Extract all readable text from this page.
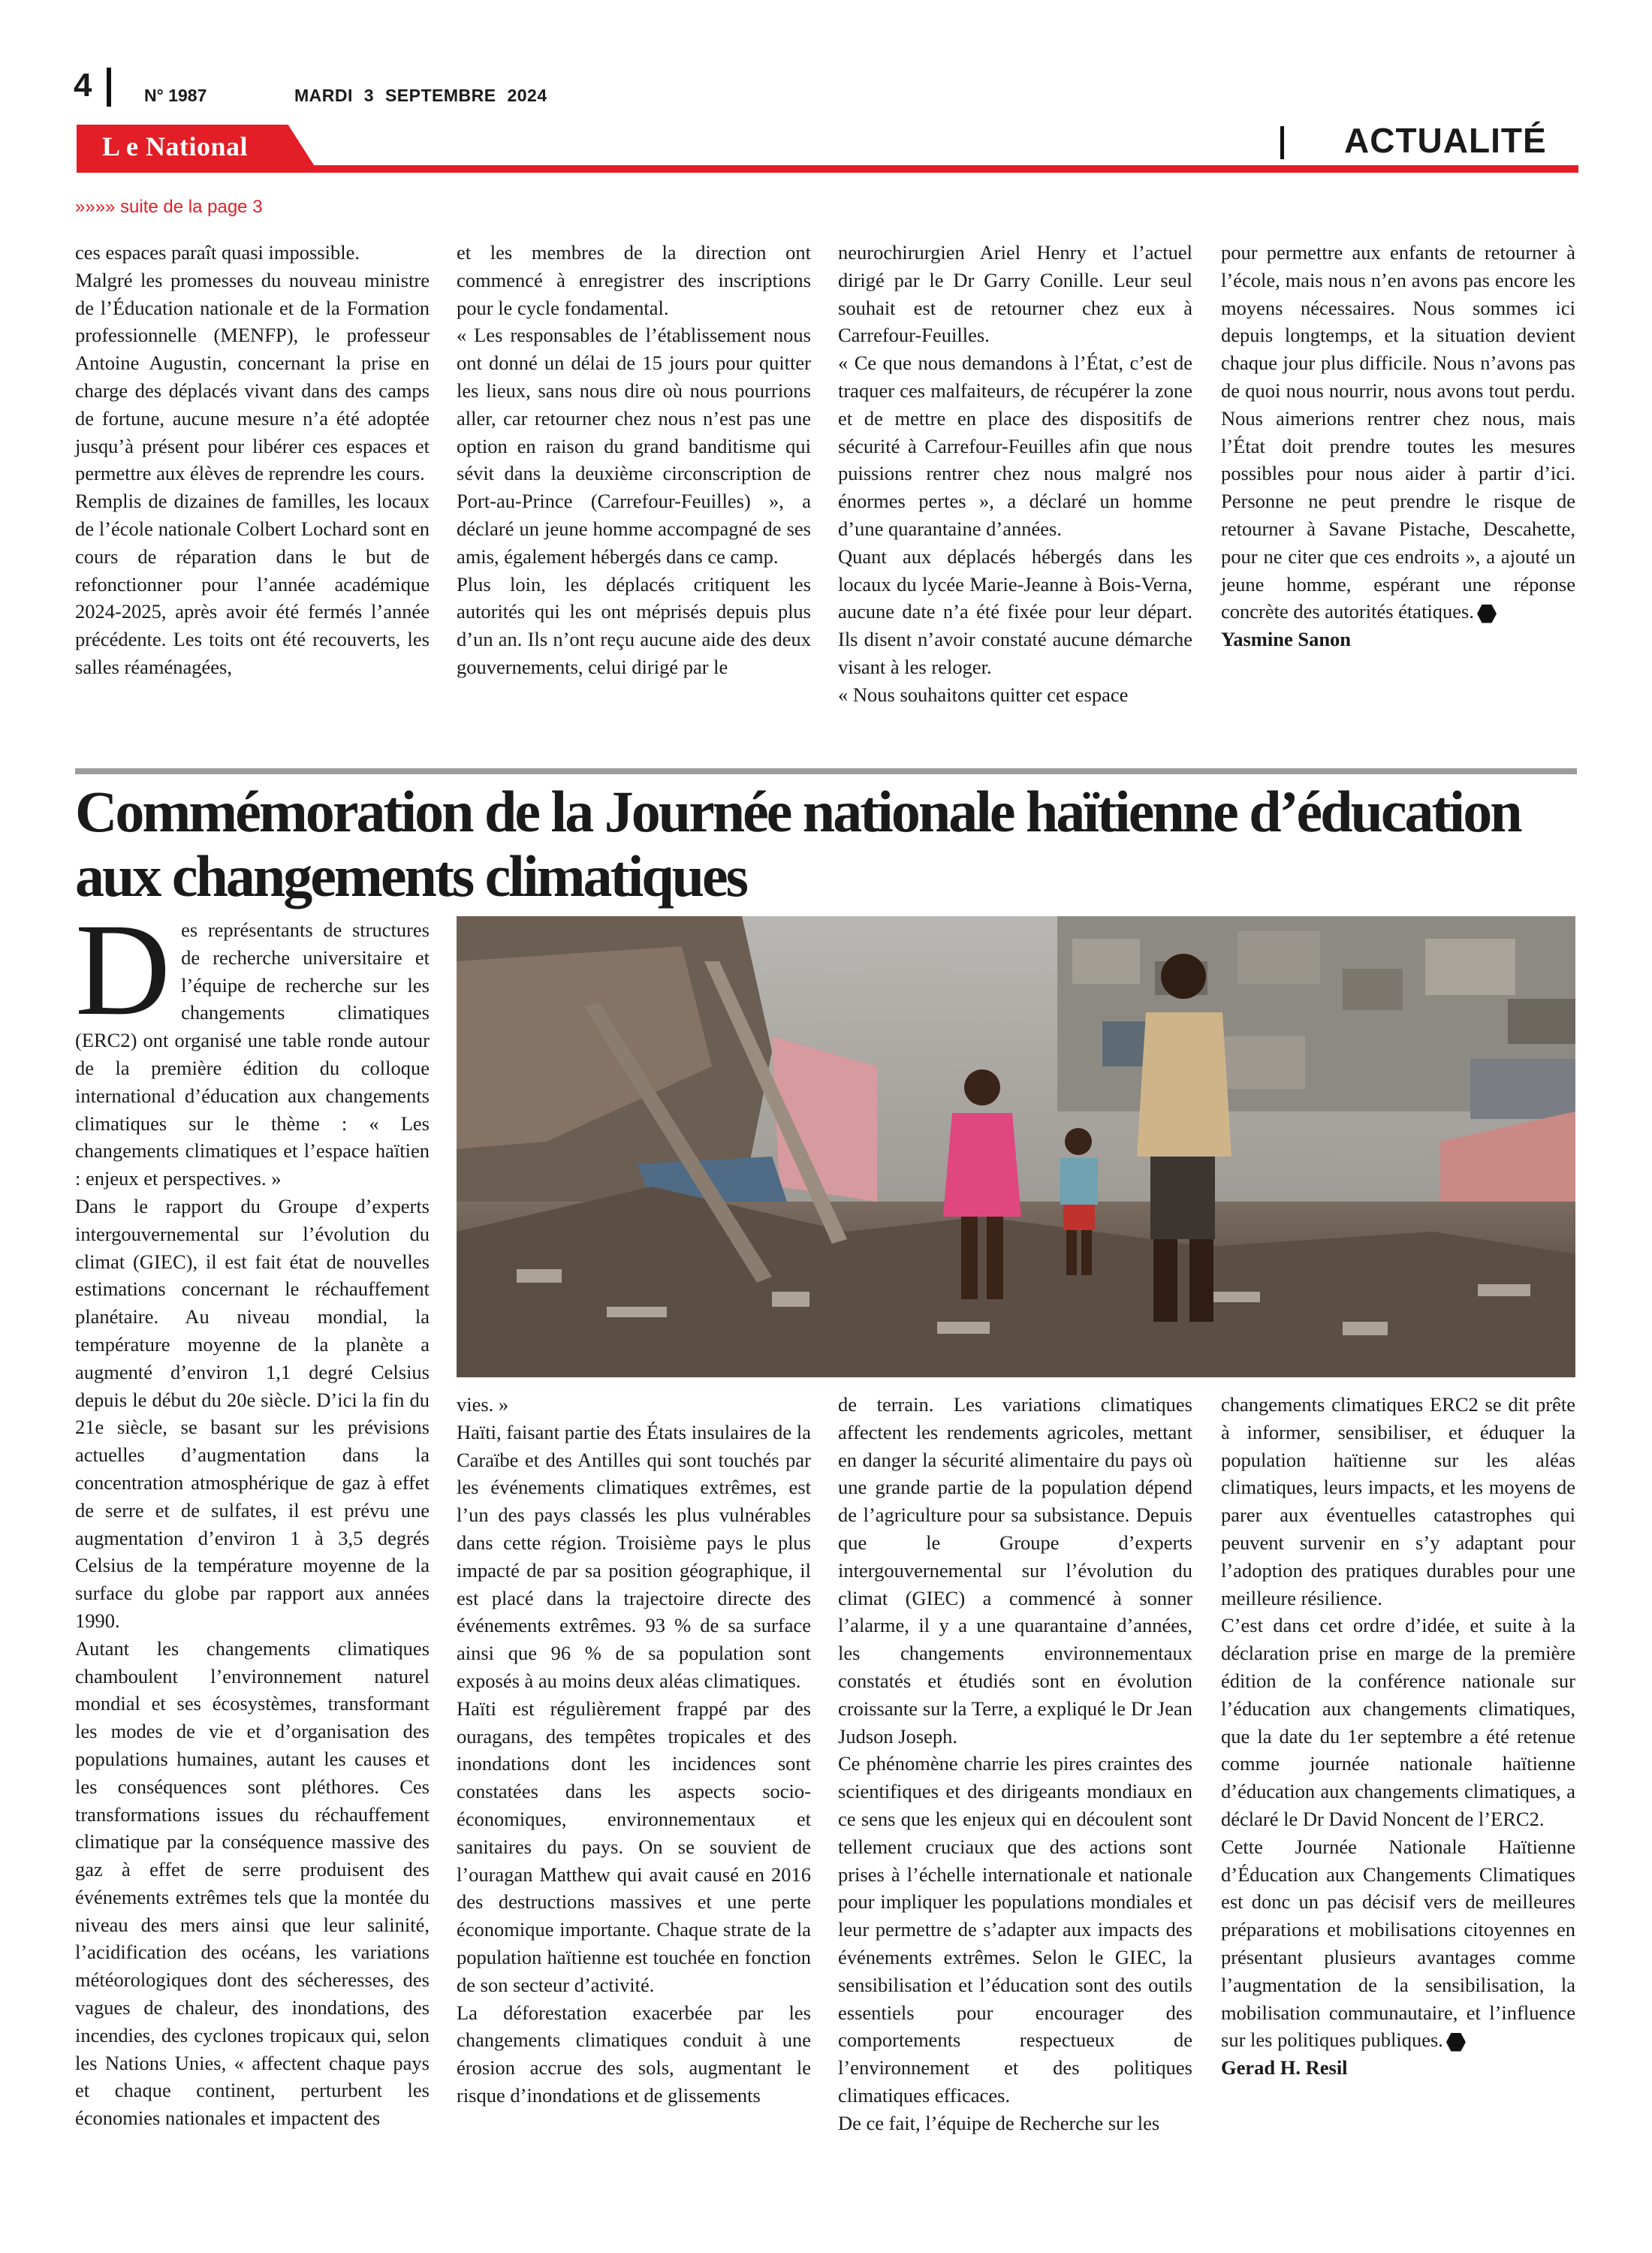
4	N° 1987	MARDI 3 SEPTEMBRE 2024
L e National	ACTUALITÉ
»»»» suite de la page 3

ces espaces paraît quasi impossible.

Malgré les promesses du nouveau ministre de l’Éducation nationale et de la Formation professionnelle (MENFP), le professeur Antoine Augustin, concernant la prise en charge des déplacés vivant dans des camps de fortune, aucune mesure n’a été adoptée jusqu’à présent pour libérer ces espaces et permettre aux élèves de reprendre les cours.

Remplis de dizaines de familles, les locaux de l’école nationale Colbert Lochard sont en cours de réparation dans le but de refonctionner pour l’année académique 2024-2025, après avoir été fermés l’année précédente. Les toits ont été recouverts, les salles réaménagées,

et les membres de la direction ont commencé à enregistrer des inscriptions pour le cycle fondamental.

« Les responsables de l’établissement nous ont donné un délai de 15 jours pour quitter les lieux, sans nous dire où nous pourrions aller, car retourner chez nous n’est pas une option en raison du grand banditisme qui sévit dans la deuxième circonscription de Port-au-Prince (Carrefour-Feuilles) », a déclaré un jeune homme accompagné de ses amis, également hébergés dans ce camp.

Plus loin, les déplacés critiquent les autorités qui les ont méprisés depuis plus d’un an. Ils n’ont reçu aucune aide des deux gouvernements, celui dirigé par le

neurochirurgien Ariel Henry et l’actuel dirigé par le Dr Garry Conille. Leur seul souhait est de retourner chez eux à Carrefour-Feuilles.

« Ce que nous demandons à l’État, c’est de traquer ces malfaiteurs, de récupérer la zone et de mettre en place des dispositifs de sécurité à Carrefour-Feuilles afin que nous puissions rentrer chez nous malgré nos énormes pertes », a déclaré un homme d’une quarantaine d’années.

Quant aux déplacés hébergés dans les locaux du lycée Marie-Jeanne à Bois-Verna, aucune date n’a été fixée pour leur départ. Ils disent n’avoir constaté aucune démarche visant à les reloger.

« Nous souhaitons quitter cet espace

pour permettre aux enfants de retourner à l’école, mais nous n’en avons pas encore les moyens nécessaires. Nous sommes ici depuis longtemps, et la situation devient chaque jour plus difficile. Nous n’avons pas de quoi nous nourrir, nous avons tout perdu. Nous aimerions rentrer chez nous, mais l’État doit prendre toutes les mesures possibles pour nous aider à partir d’ici. Personne ne peut prendre le risque de retourner à Savane Pistache, Descahette, pour ne citer que ces endroits », a ajouté un jeune homme, espérant une réponse concrète des autorités étatiques.

Yasmine Sanon

Commémoration de la Journée nationale haïtienne d’éducation aux changements climatiques

Des représentants de structures de recherche universitaire et l’équipe de recherche sur les changements climatiques (ERC2) ont organisé une table ronde autour de la première édition du colloque international d’éducation aux changements climatiques sur le thème : « Les changements climatiques et l’espace haïtien : enjeux et perspectives. »

Dans le rapport du Groupe d’experts intergouvernemental sur l’évolution du climat (GIEC), il est fait état de nouvelles estimations concernant le réchauffement planétaire. Au niveau mondial, la température moyenne de la planète a augmenté d’environ 1,1 degré Celsius depuis le début du 20e siècle. D’ici la fin du 21e siècle, se basant sur les prévisions actuelles d’augmentation dans la concentration atmosphérique de gaz à effet de serre et de sulfates, il est prévu une augmentation d’environ 1 à 3,5 degrés Celsius de la température moyenne de la surface du globe par rapport aux années 1990.

Autant les changements climatiques chamboulent l’environnement naturel mondial et ses écosystèmes, transformant les modes de vie et d’organisation des populations humaines, autant les causes et les conséquences sont pléthores. Ces transformations issues du réchauffement climatique par la conséquence massive des gaz à effet de serre produisent des événements extrêmes tels que la montée du niveau des mers ainsi que leur salinité, l’acidification des océans, les variations météorologiques dont des sécheresses, des vagues de chaleur, des inondations, des incendies, des cyclones tropicaux qui, selon les Nations Unies, « affectent chaque pays et chaque continent, perturbent les économies nationales et impactent des

vies. »

Haïti, faisant partie des États insulaires de la Caraïbe et des Antilles qui sont touchés par les événements climatiques extrêmes, est l’un des pays classés les plus vulnérables dans cette région. Troisième pays le plus impacté de par sa position géographique, il est placé dans la trajectoire directe des événements extrêmes. 93 % de sa surface ainsi que 96 % de sa population sont exposés à au moins deux aléas climatiques.

Haïti est régulièrement frappé par des ouragans, des tempêtes tropicales et des inondations dont les incidences sont constatées dans les aspects socio-économiques, environnementaux et sanitaires du pays. On se souvient de l’ouragan Matthew qui avait causé en 2016 des destructions massives et une perte économique importante. Chaque strate de la population haïtienne est touchée en fonction de son secteur d’activité.

La déforestation exacerbée par les changements climatiques conduit à une érosion accrue des sols, augmentant le risque d’inondations et de glissements

de terrain. Les variations climatiques affectent les rendements agricoles, mettant en danger la sécurité alimentaire du pays où une grande partie de la population dépend de l’agriculture pour sa subsistance. Depuis que le Groupe d’experts intergouvernemental sur l’évolution du climat (GIEC) a commencé à sonner l’alarme, il y a une quarantaine d’années, les changements environnementaux constatés et étudiés sont en évolution croissante sur la Terre, a expliqué le Dr Jean Judson Joseph.

Ce phénomène charrie les pires craintes des scientifiques et des dirigeants mondiaux en ce sens que les enjeux qui en découlent sont tellement cruciaux que des actions sont prises à l’échelle internationale et nationale pour impliquer les populations mondiales et leur permettre de s’adapter aux impacts des événements extrêmes. Selon le GIEC, la sensibilisation et l’éducation sont des outils essentiels pour encourager des comportements respectueux de l’environnement et des politiques climatiques efficaces.

De ce fait, l’équipe de Recherche sur les

changements climatiques ERC2 se dit prête à informer, sensibiliser, et éduquer la population haïtienne sur les aléas climatiques, leurs impacts, et les moyens de parer aux éventuelles catastrophes qui peuvent survenir en s’y adaptant pour l’adoption des pratiques durables pour une meilleure résilience.

C’est dans cet ordre d’idée, et suite à la déclaration prise en marge de la première édition de la conférence nationale sur l’éducation aux changements climatiques, que la date du 1er septembre a été retenue comme journée nationale haïtienne d’éducation aux changements climatiques, a déclaré le Dr David Noncent de l’ERC2.

Cette Journée Nationale Haïtienne d’Éducation aux Changements Climatiques est donc un pas décisif vers de meilleures préparations et mobilisations citoyennes en présentant plusieurs avantages comme l’augmentation de la sensibilisation, la mobilisation communautaire, et l’influence sur les politiques publiques.

Gerad H. Resil
